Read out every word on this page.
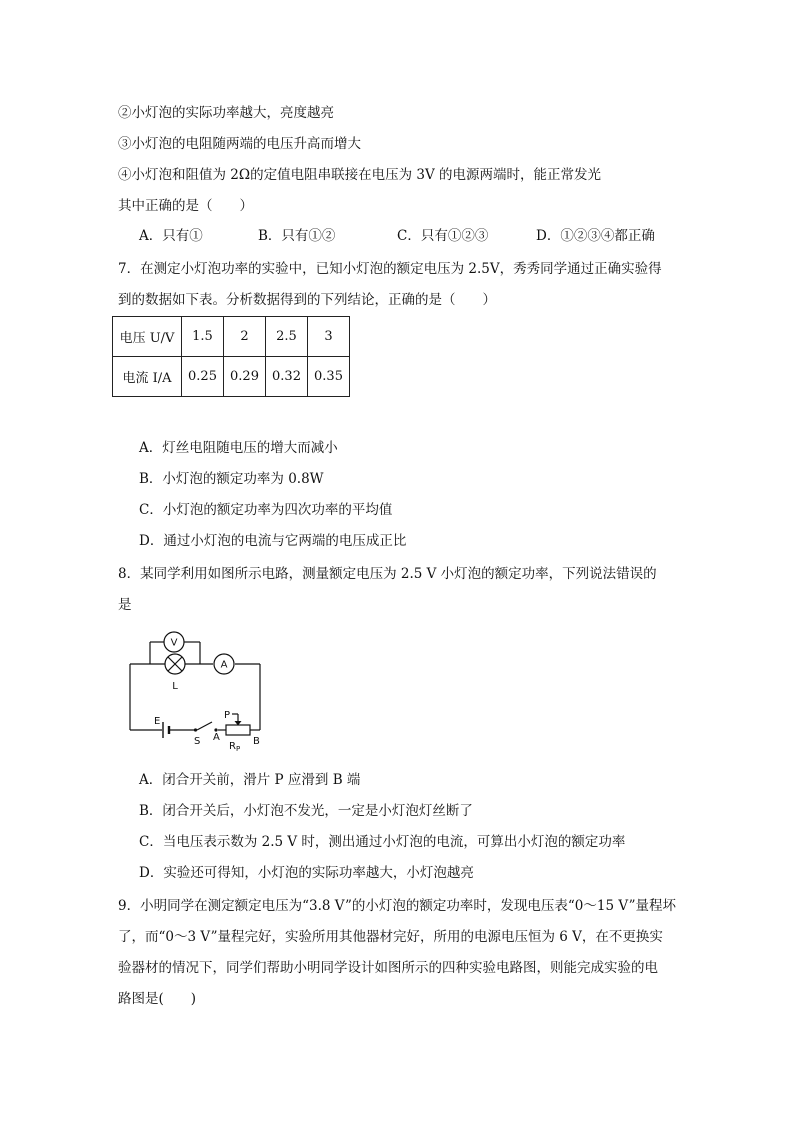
②小灯泡的实际功率越大，亮度越亮
③小灯泡的电阻随两端的电压升高而增大
④小灯泡和阻值为 2Ω的定值电阻串联接在电压为 3V 的电源两端时，能正常发光
其中正确的是（　　）
A．只有①	B．只有①②	C．只有①②③	D．①②③④都正确
7．在测定小灯泡功率的实验中，已知小灯泡的额定电压为 2.5V，秀秀同学通过正确实验得
到的数据如下表。分析数据得到的下列结论，正确的是（　　）
电压 U/V	1.5	2	2.5	3
电流 I/A	0.25	0.29	0.32	0.35
A．灯丝电阻随电压的增大而减小
B．小灯泡的额定功率为 0.8W
C．小灯泡的额定功率为四次功率的平均值
D．通过小灯泡的电流与它两端的电压成正比
8．某同学利用如图所示电路，测量额定电压为 2.5 V 小灯泡的额定功率，下列说法错误的
是
V
L
A
E
S
P
A	B
$R_P$
A．闭合开关前，滑片 P 应滑到 B 端
B．闭合开关后，小灯泡不发光，一定是小灯泡灯丝断了
C．当电压表示数为 2.5 V 时，测出通过小灯泡的电流，可算出小灯泡的额定功率
D．实验还可得知，小灯泡的实际功率越大，小灯泡越亮
9．小明同学在测定额定电压为“3.8 V”的小灯泡的额定功率时，发现电压表“0～15 V”量程坏
了，而“0～3 V”量程完好，实验所用其他器材完好，所用的电源电压恒为 6 V，在不更换实
验器材的情况下，同学们帮助小明同学设计如图所示的四种实验电路图，则能完成实验的电
路图是(　　)
